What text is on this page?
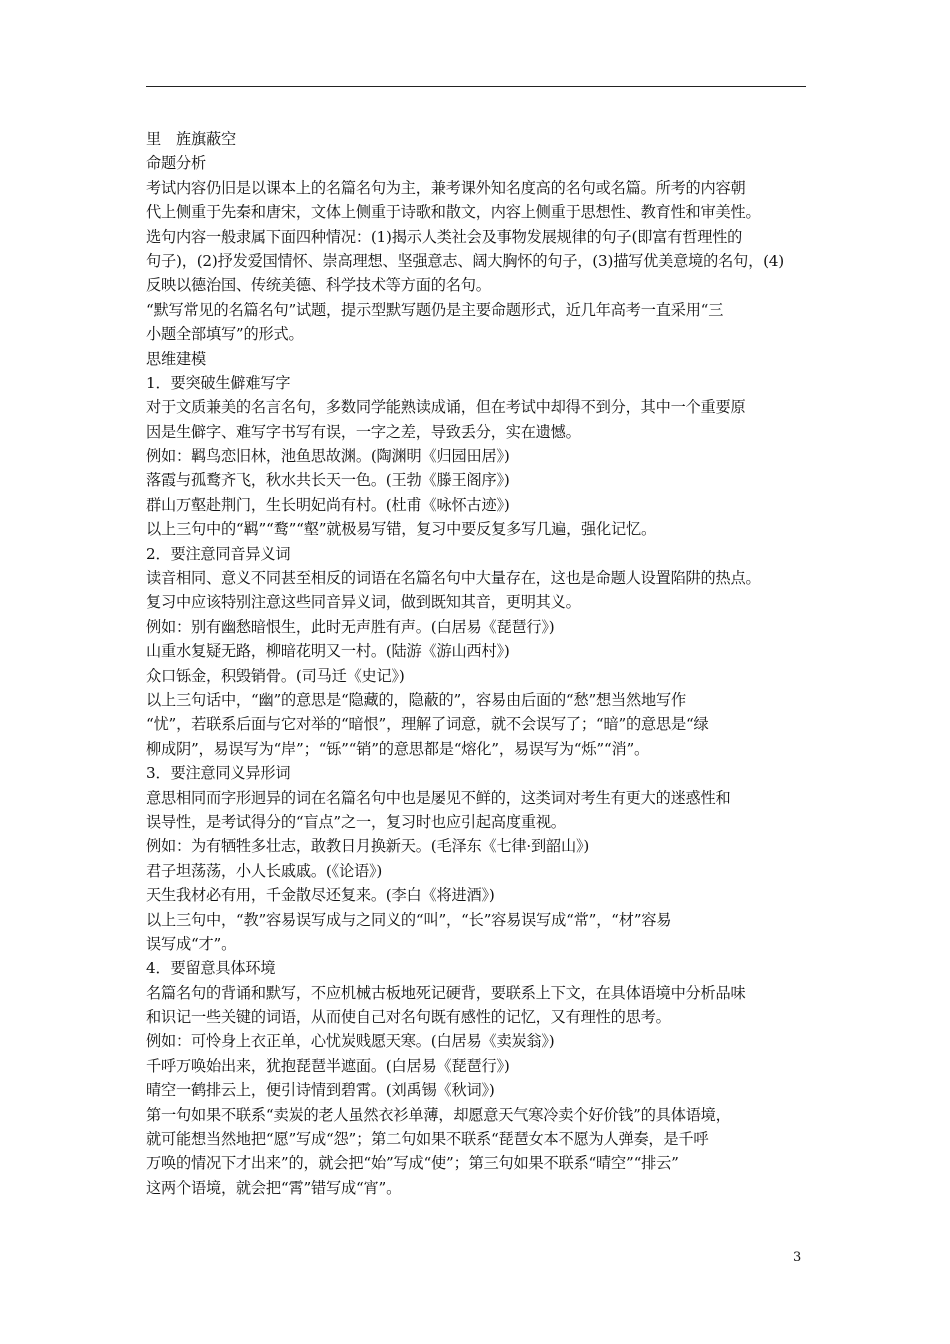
里　旌旗蔽空
命题分析
考试内容仍旧是以课本上的名篇名句为主，兼考课外知名度高的名句或名篇。所考的内容朝
代上侧重于先秦和唐宋，文体上侧重于诗歌和散文，内容上侧重于思想性、教育性和审美性。
选句内容一般隶属下面四种情况：(1)揭示人类社会及事物发展规律的句子(即富有哲理性的
句子)，(2)抒发爱国情怀、崇高理想、坚强意志、阔大胸怀的句子，(3)描写优美意境的名句，(4)
反映以德治国、传统美德、科学技术等方面的名句。
“默写常见的名篇名句”试题，提示型默写题仍是主要命题形式，近几年高考一直采用“三
小题全部填写”的形式。
思维建模
1．要突破生僻难写字
对于文质兼美的名言名句，多数同学能熟读成诵，但在考试中却得不到分，其中一个重要原
因是生僻字、难写字书写有误，一字之差，导致丢分，实在遗憾。
例如：羁鸟恋旧林，池鱼思故渊。(陶渊明《归园田居》)
落霞与孤鹜齐飞，秋水共长天一色。(王勃《滕王阁序》)
群山万壑赴荆门，生长明妃尚有村。(杜甫《咏怀古迹》)
以上三句中的“羁”“鹜”“壑”就极易写错，复习中要反复多写几遍，强化记忆。
2．要注意同音异义词
读音相同、意义不同甚至相反的词语在名篇名句中大量存在，这也是命题人设置陷阱的热点。
复习中应该特别注意这些同音异义词，做到既知其音，更明其义。
例如：别有幽愁暗恨生，此时无声胜有声。(白居易《琵琶行》)
山重水复疑无路，柳暗花明又一村。(陆游《游山西村》)
众口铄金，积毁销骨。(司马迁《史记》)
以上三句话中，“幽”的意思是“隐藏的，隐蔽的”，容易由后面的“愁”想当然地写作
“忧”，若联系后面与它对举的“暗恨”，理解了词意，就不会误写了；“暗”的意思是“绿
柳成阴”，易误写为“岸”；“铄”“销”的意思都是“熔化”，易误写为“烁”“消”。
3．要注意同义异形词
意思相同而字形迥异的词在名篇名句中也是屡见不鲜的，这类词对考生有更大的迷惑性和
误导性，是考试得分的“盲点”之一，复习时也应引起高度重视。
例如：为有牺牲多壮志，敢教日月换新天。(毛泽东《七律·到韶山》)
君子坦荡荡，小人长戚戚。(《论语》)
天生我材必有用，千金散尽还复来。(李白《将进酒》)
以上三句中，“教”容易误写成与之同义的“叫”，“长”容易误写成“常”，“材”容易
误写成“才”。
4．要留意具体环境
名篇名句的背诵和默写，不应机械古板地死记硬背，要联系上下文，在具体语境中分析品味
和识记一些关键的词语，从而使自己对名句既有感性的记忆，又有理性的思考。
例如：可怜身上衣正单，心忧炭贱愿天寒。(白居易《卖炭翁》)
千呼万唤始出来，犹抱琵琶半遮面。(白居易《琵琶行》)
晴空一鹤排云上，便引诗情到碧霄。(刘禹锡《秋词》)
第一句如果不联系“卖炭的老人虽然衣衫单薄，却愿意天气寒冷卖个好价钱”的具体语境，
就可能想当然地把“愿”写成“怨”；第二句如果不联系“琵琶女本不愿为人弹奏，是千呼
万唤的情况下才出来”的，就会把“始”写成“使”；第三句如果不联系“晴空”“排云”
这两个语境，就会把“霄”错写成“宵”。
3
